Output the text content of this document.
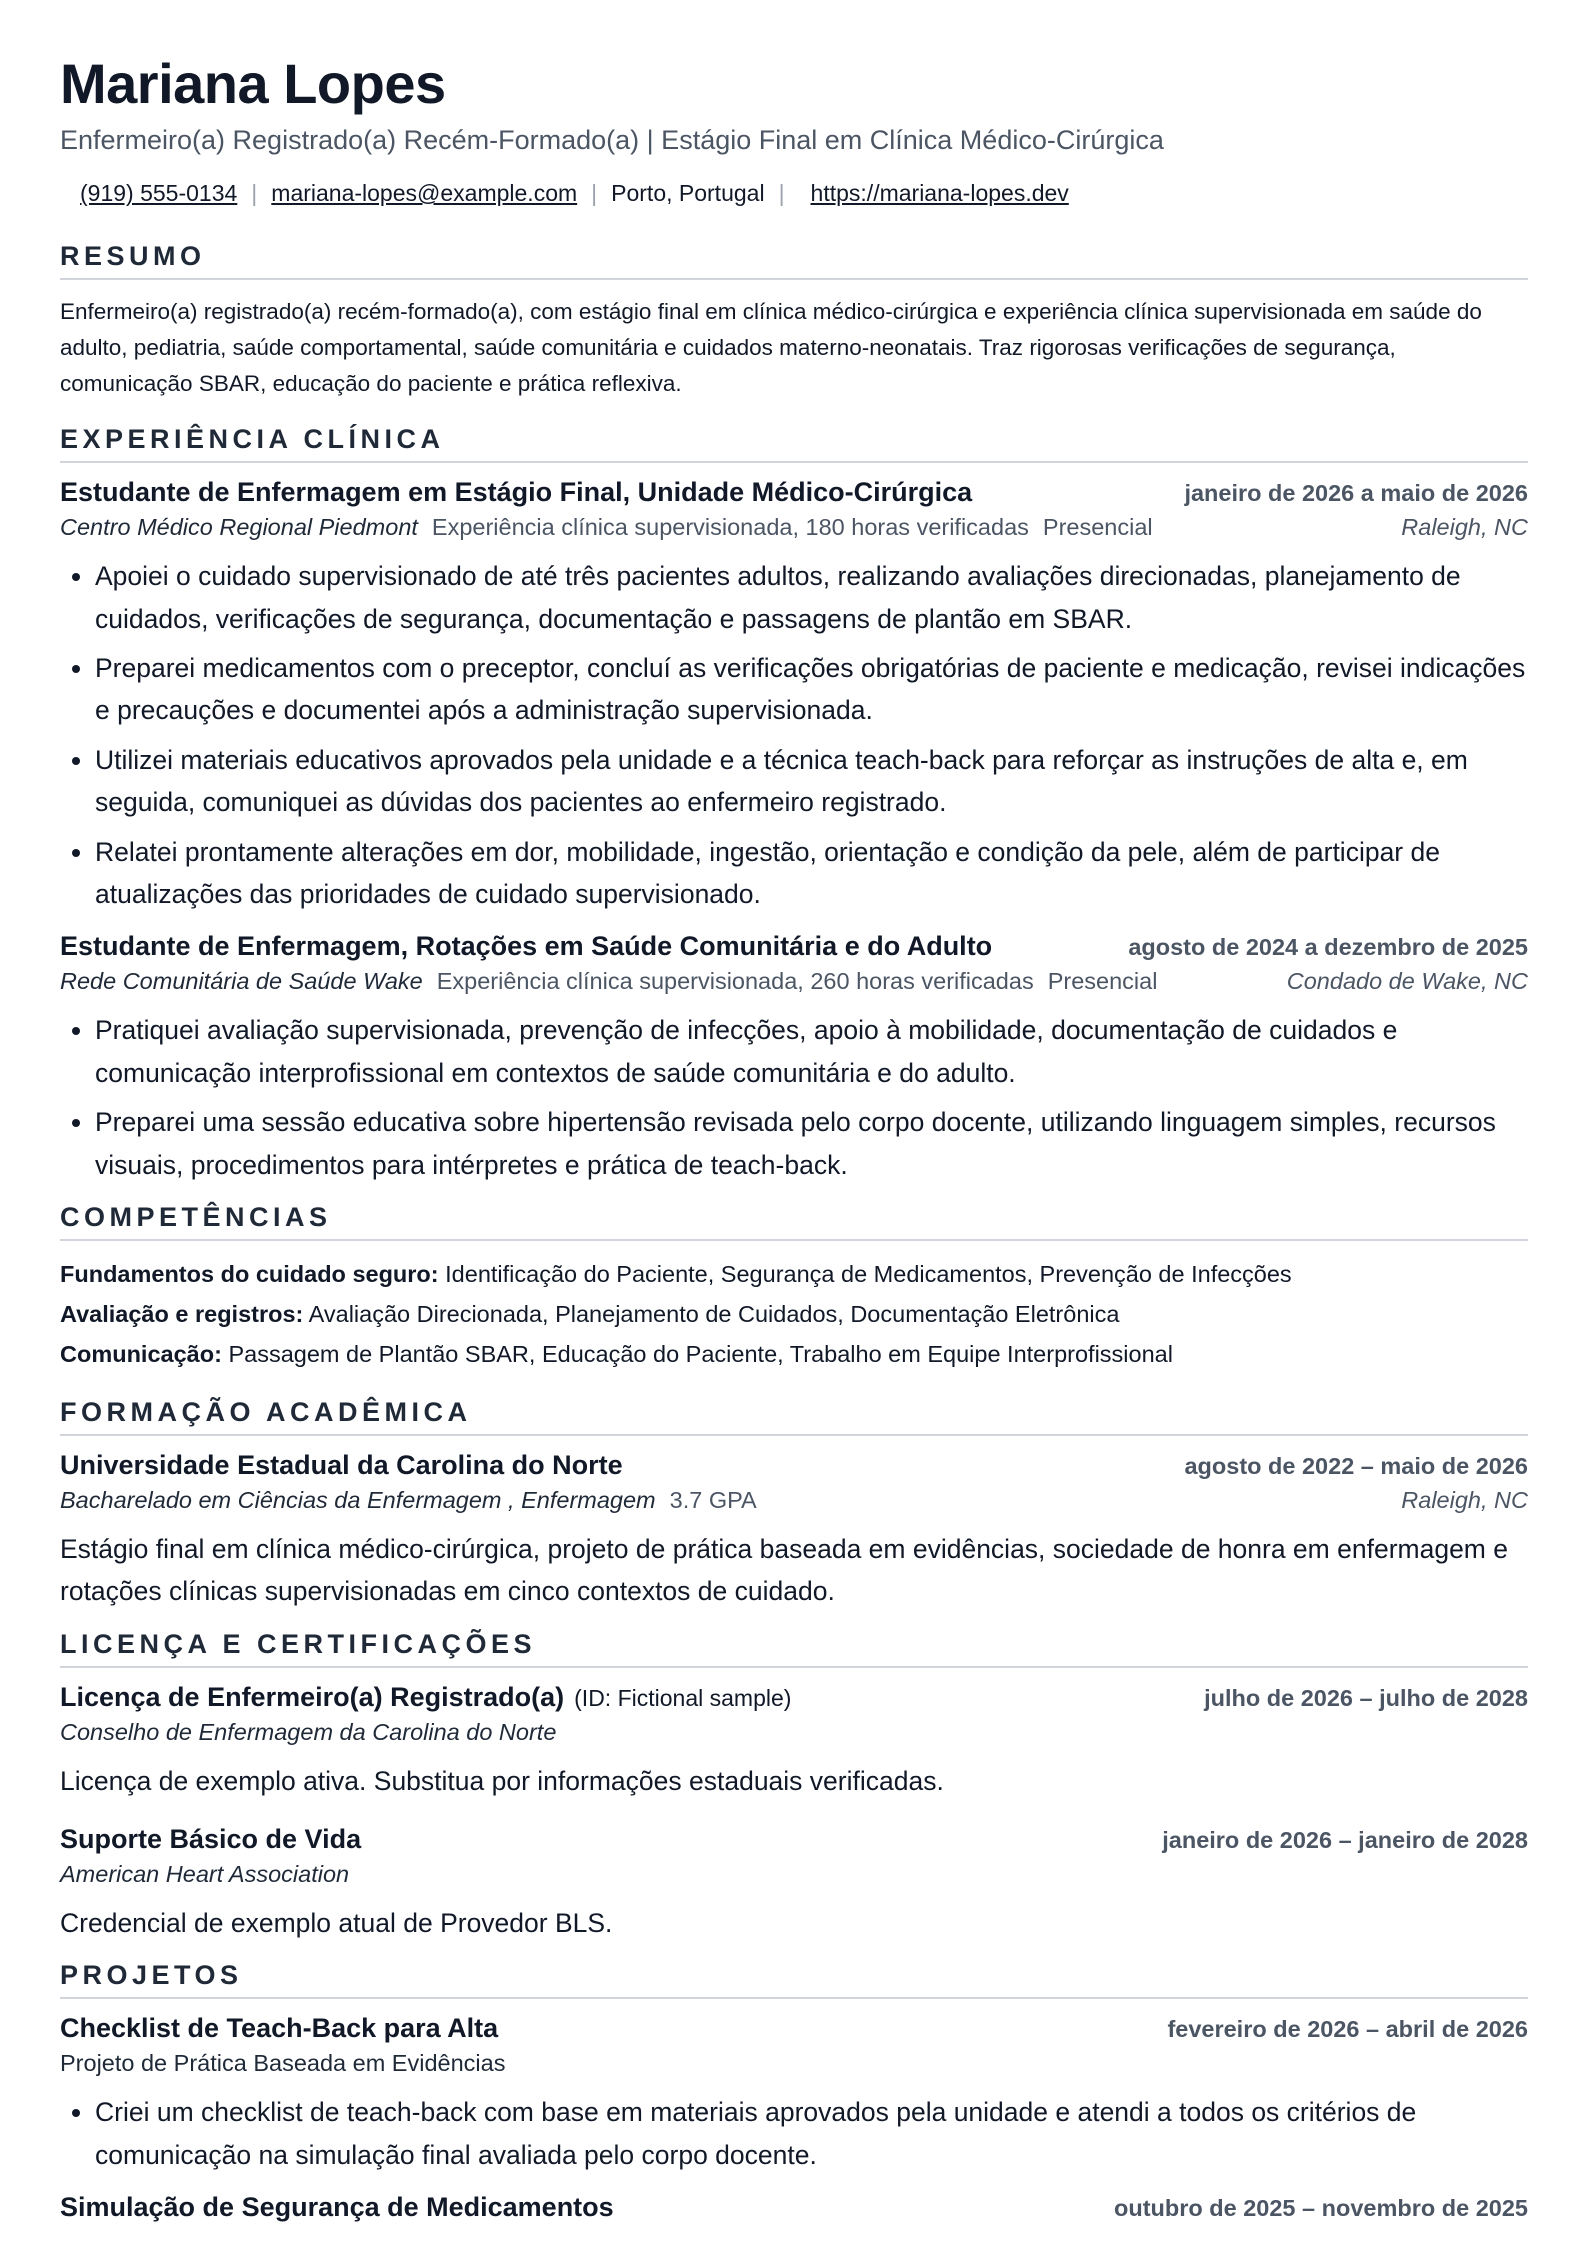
Mariana Lopes
Enfermeiro(a) Registrado(a) Recém-Formado(a) | Estágio Final em Clínica Médico-Cirúrgica
(919) 555-0134 | mariana-lopes@example.com | Porto, Portugal | https://mariana-lopes.dev
RESUMO
Enfermeiro(a) registrado(a) recém-formado(a), com estágio final em clínica médico-cirúrgica e experiência clínica supervisionada em saúde do adulto, pediatria, saúde comportamental, saúde comunitária e cuidados materno-neonatais. Traz rigorosas verificações de segurança, comunicação SBAR, educação do paciente e prática reflexiva.
EXPERIÊNCIA CLÍNICA
Estudante de Enfermagem em Estágio Final, Unidade Médico-Cirúrgica	janeiro de 2026 a maio de 2026
Centro Médico Regional Piedmont Experiência clínica supervisionada, 180 horas verificadas Presencial	Raleigh, NC
• Apoiei o cuidado supervisionado de até três pacientes adultos, realizando avaliações direcionadas, planejamento de cuidados, verificações de segurança, documentação e passagens de plantão em SBAR.
• Preparei medicamentos com o preceptor, concluí as verificações obrigatórias de paciente e medicação, revisei indicações e precauções e documentei após a administração supervisionada.
• Utilizei materiais educativos aprovados pela unidade e a técnica teach-back para reforçar as instruções de alta e, em seguida, comuniquei as dúvidas dos pacientes ao enfermeiro registrado.
• Relatei prontamente alterações em dor, mobilidade, ingestão, orientação e condição da pele, além de participar de atualizações das prioridades de cuidado supervisionado.
Estudante de Enfermagem, Rotações em Saúde Comunitária e do Adulto	agosto de 2024 a dezembro de 2025
Rede Comunitária de Saúde Wake Experiência clínica supervisionada, 260 horas verificadas Presencial	Condado de Wake, NC
• Pratiquei avaliação supervisionada, prevenção de infecções, apoio à mobilidade, documentação de cuidados e comunicação interprofissional em contextos de saúde comunitária e do adulto.
• Preparei uma sessão educativa sobre hipertensão revisada pelo corpo docente, utilizando linguagem simples, recursos visuais, procedimentos para intérpretes e prática de teach-back.
COMPETÊNCIAS
Fundamentos do cuidado seguro: Identificação do Paciente, Segurança de Medicamentos, Prevenção de Infecções
Avaliação e registros: Avaliação Direcionada, Planejamento de Cuidados, Documentação Eletrônica
Comunicação: Passagem de Plantão SBAR, Educação do Paciente, Trabalho em Equipe Interprofissional
FORMAÇÃO ACADÊMICA
Universidade Estadual da Carolina do Norte	agosto de 2022 – maio de 2026
Bacharelado em Ciências da Enfermagem , Enfermagem 3.7 GPA	Raleigh, NC
Estágio final em clínica médico-cirúrgica, projeto de prática baseada em evidências, sociedade de honra em enfermagem e rotações clínicas supervisionadas em cinco contextos de cuidado.
LICENÇA E CERTIFICAÇÕES
Licença de Enfermeiro(a) Registrado(a) (ID: Fictional sample)	julho de 2026 – julho de 2028
Conselho de Enfermagem da Carolina do Norte
Licença de exemplo ativa. Substitua por informações estaduais verificadas.
Suporte Básico de Vida	janeiro de 2026 – janeiro de 2028
American Heart Association
Credencial de exemplo atual de Provedor BLS.
PROJETOS
Checklist de Teach-Back para Alta	fevereiro de 2026 – abril de 2026
Projeto de Prática Baseada em Evidências
• Criei um checklist de teach-back com base em materiais aprovados pela unidade e atendi a todos os critérios de comunicação na simulação final avaliada pelo corpo docente.
Simulação de Segurança de Medicamentos	outubro de 2025 – novembro de 2025
